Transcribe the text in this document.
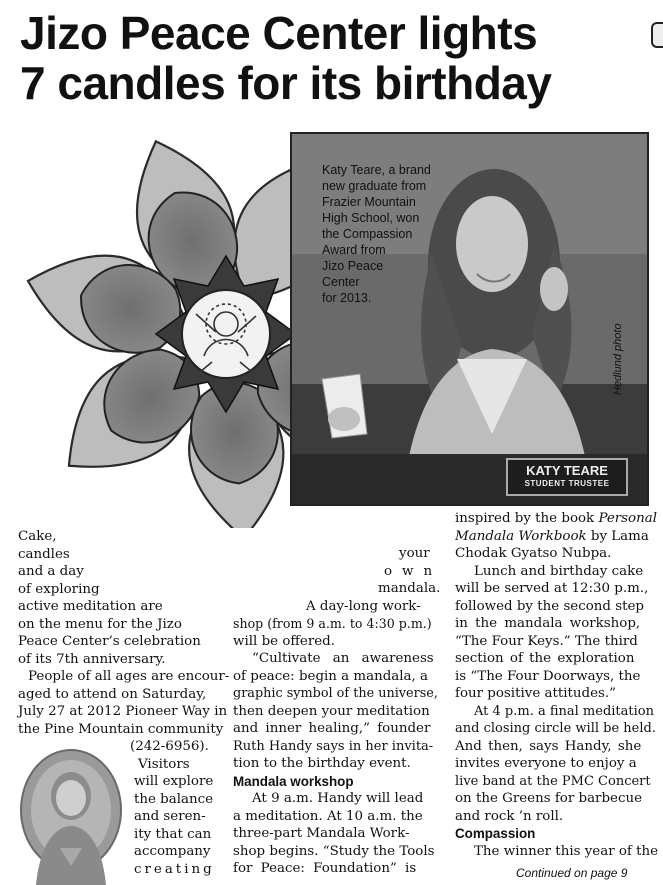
Jizo Peace Center lights
7 candles for its birthday
Katy Teare, a brand
new graduate from
Frazier Mountain
High School, won
the Compassion
Award from
Jizo Peace
Center
for 2013.
KATY TEARE
STUDENT TRUSTEE
Hedlund photo
Cake,
candles
and a day
of exploring
active meditation are
on the menu for the Jizo
Peace Center’s celebration
of its 7th anniversary.
People of all ages are encour-
aged to attend on Saturday,
July 27 at 2012 Pioneer Way in
the Pine Mountain community
(242-6956).
Visitors
will explore
the balance
and seren-
ity that can
accompany
creating
your
own
mandala.
A day-long work-
shop (from 9 a.m. to 4:30 p.m.)
will be offered.
“Cultivate an awareness
of peace: begin a mandala, a
graphic symbol of the universe,
then deepen your meditation
and inner healing,” founder
Ruth Handy says in her invita-
tion to the birthday event.
Mandala workshop
At 9 a.m. Handy will lead
a meditation. At 10 a.m. the
three-part Mandala Work-
shop begins. “Study the Tools
for Peace: Foundation” is
inspired by the book Personal
Mandala Workbook by Lama
Chodak Gyatso Nubpa.
Lunch and birthday cake
will be served at 12:30 p.m.,
followed by the second step
in the mandala workshop,
“The Four Keys.” The third
section of the exploration
is “The Four Doorways, the
four positive attitudes.”
At 4 p.m. a final meditation
and closing circle will be held.
And then, says Handy, she
invites everyone to enjoy a
live band at the PMC Concert
on the Greens for barbecue
and rock ’n roll.
Compassion
The winner this year of the
Continued on page 9
